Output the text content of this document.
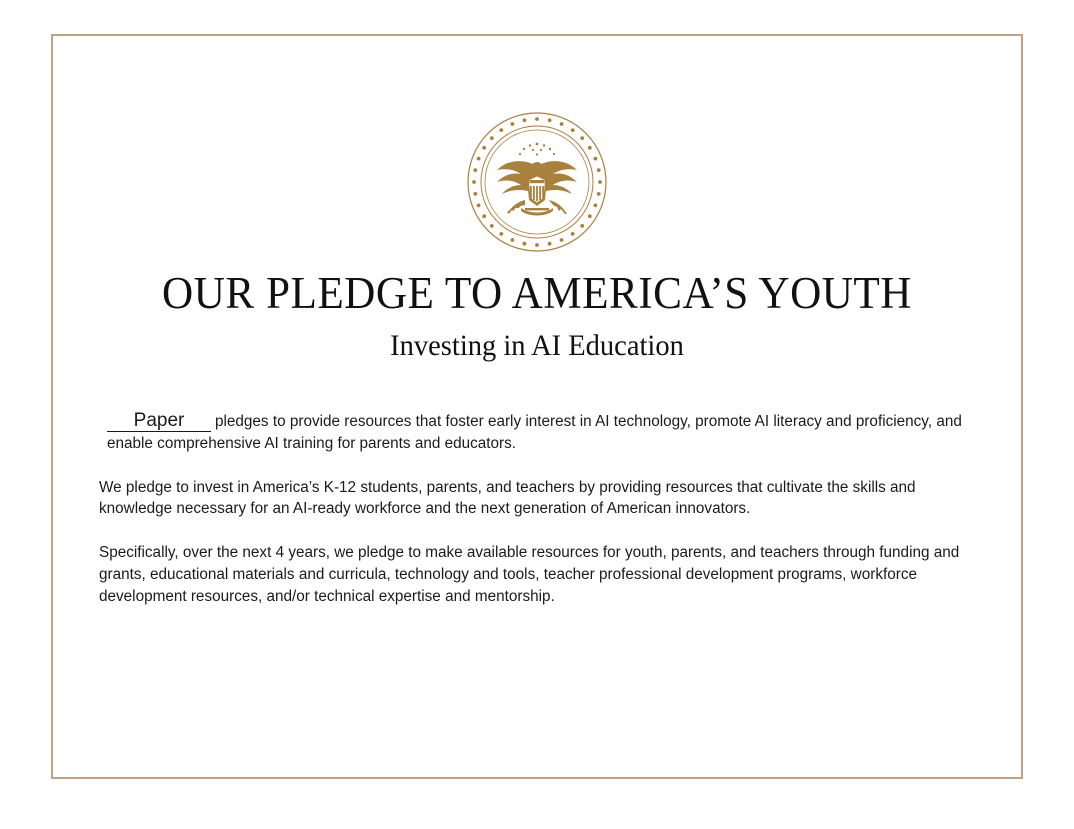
OUR PLEDGE TO AMERICA’S YOUTH
Investing in AI Education

Paper pledges to provide resources that foster early interest in AI technology, promote AI literacy and proficiency, and enable comprehensive AI training for parents and educators.

We pledge to invest in America’s K-12 students, parents, and teachers by providing resources that cultivate the skills and knowledge necessary for an AI-ready workforce and the next generation of American innovators.

Specifically, over the next 4 years, we pledge to make available resources for youth, parents, and teachers through funding and grants, educational materials and curricula, technology and tools, teacher professional development programs, workforce development resources, and/or technical expertise and mentorship.
